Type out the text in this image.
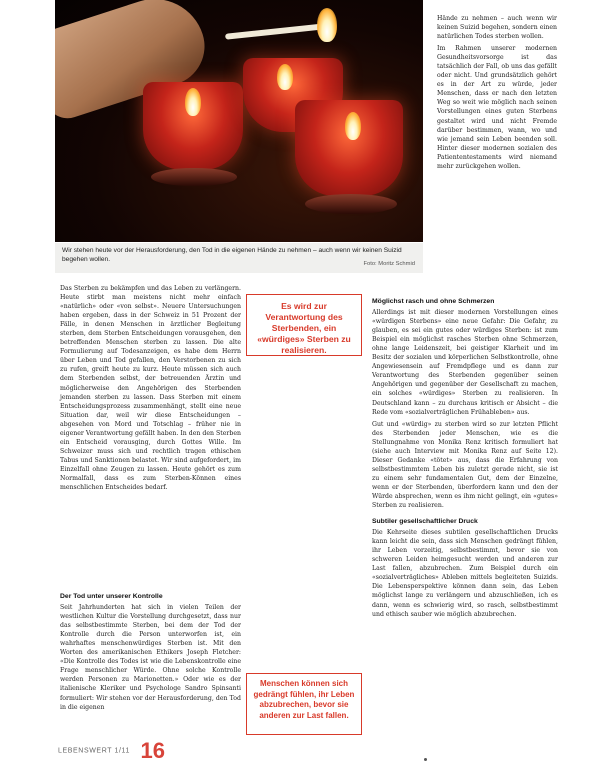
Wir stehen heute vor der Herausforderung, den Tod in die eigenen Hände zu nehmen – auch wenn wir keinen Suizid begehen wollen.
Foto: Moritz Schmid

Hände zu nehmen – auch wenn wir keinen Suizid begehen, sondern einen natürlichen Todes sterben wollen.

Im Rahmen unserer modernen Gesundheitsvorsorge ist das tatsächlich der Fall, ob uns das gefällt oder nicht. Und grundsätzlich gehört es in der Art zu würde, jeder Menschen, dass er nach den letzten Weg so weit wie möglich nach seinen Vorstellungen eines guten Sterbens gestaltet wird und nicht Fremde darüber bestimmen, wann, wo und wie jemand sein Leben beenden soll. Hinter dieser modernen sozialen des Patiententestaments wird niemand mehr zurückgehen wollen.

Das Sterben zu bekämpfen und das Leben zu verlängern. Heute stirbt man meistens nicht mehr einfach «natürlich» oder «von selbst». Neuere Untersuchungen haben ergeben, dass in der Schweiz in 51 Prozent der Fälle, in denen Menschen in ärztlicher Begleitung sterben, dem Sterben Entscheidungen vorausgehen, den betreffenden Menschen sterben zu lassen. Die alte Formulierung auf Todesanzeigen, es habe dem Herrn über Leben und Tod gefallen, den Verstorbenen zu sich zu rufen, greift heute zu kurz. Heute müssen sich auch dem Sterbenden selbst, der betreuenden Ärztin und möglicherweise den Angehörigen des Sterbenden jemanden sterben zu lassen. Dass Sterben mit einem Entscheidungsprozess zusammenhängt, stellt eine neue Situation dar, weil wir diese Entscheidungen – abgesehen von Mord und Totschlag – früher nie in eigener Verantwortung gefällt haben. In den den Sterben ein Entscheid vorausging, durch Gottes Wille. Im Schweizer muss sich und rechtlich tragen ethischen Tabus und Sanktionen belastet. Wir sind aufgefordert, im Einzelfall ohne Zeugen zu lassen. Heute gehört es zum Normalfall, dass es zum Sterben-Können eines menschlichen Entscheides bedarf.

Der Tod unter unserer Kontrolle

Seit Jahrhunderten hat sich in vielen Teilen der westlichen Kultur die Vorstellung durchgesetzt, dass nur das selbstbestimmte Sterben, bei dem der Tod der Kontrolle durch die Person unterworfen ist, ein wahrhaftes menschenwürdiges Sterben ist. Mit den Worten des amerikanischen Ethikers Joseph Fletcher: «Die Kontrolle des Todes ist wie die Lebenskontrolle eine Frage menschlicher Würde. Ohne solche Kontrolle werden Personen zu Marionetten.» Oder wie es der italienische Kleriker und Psychologe Sandro Spinsanti formuliert: Wir stehen vor der Herausforderung, den Tod in die eigenen

Es wird zur Verantwortung des Sterbenden, ein «würdiges» Sterben zu realisieren.
Menschen können sich gedrängt fühlen, ihr Leben abzubrechen, bevor sie anderen zur Last fallen.
Möglichst rasch und ohne Schmerzen

Allerdings ist mit dieser modernen Vorstellungen eines «würdigen Sterbens» eine neue Gefahr: Die Gefahr, zu glauben, es sei ein gutes oder würdiges Sterben: ist zum Beispiel ein möglichst rasches Sterben ohne Schmerzen, ohne lange Leidenszeit, bei geistiger Klarheit und im Besitz der sozialen und körperlichen Selbstkontrolle, ohne Angewiesensein auf Fremdpflege und es dann zur Verantwortung des Sterbenden gegenüber seinen Angehörigen und gegenüber der Gesellschaft zu machen, ein solches «würdiges» Sterben zu realisieren. In Deutschland kann – zu durchaus kritisch er Absicht – die Rede vom «sozialverträglichen Frühableben» aus.

Gut und «würdig» zu sterben wird so zur letzten Pflicht des Sterbenden jeder Menschen, wie es die Stellungnahme von Monika Renz kritisch formuliert hat (siehe auch Interview mit Monika Renz auf Seite 12). Dieser Gedanke «tötet» aus, dass die Erfahrung von selbstbestimmtem Leben bis zuletzt gerade nicht, sie ist zu einem sehr fundamentalen Gut, dem der Einzelne, wenn er der Sterbenden, überfordern kann und den der Würde absprechen, wenn es ihm nicht gelingt, ein «gutes» Sterben zu realisieren.

Subtiler gesellschaftlicher Druck

Die Kehrseite dieses subtilen gesellschaftlichen Drucks kann leicht die sein, dass sich Menschen gedrängt fühlen, ihr Leben vorzeitig, selbstbestimmt, bevor sie von schweren Leiden heimgesucht werden und anderen zur Last fallen, abzubrechen. Zum Beispiel durch ein «sozialverträgliches» Ableben mittels begleiteten Suizids. Die Lebensperspektive können dann sein, das Leben möglichst lange zu verlängern und abzuschließen, ich es dann, wenn es schwierig wird, so rasch, selbstbestimmt und ethisch sauber wie möglich abzubrechen.

LEBENSWERT 1/11 16
